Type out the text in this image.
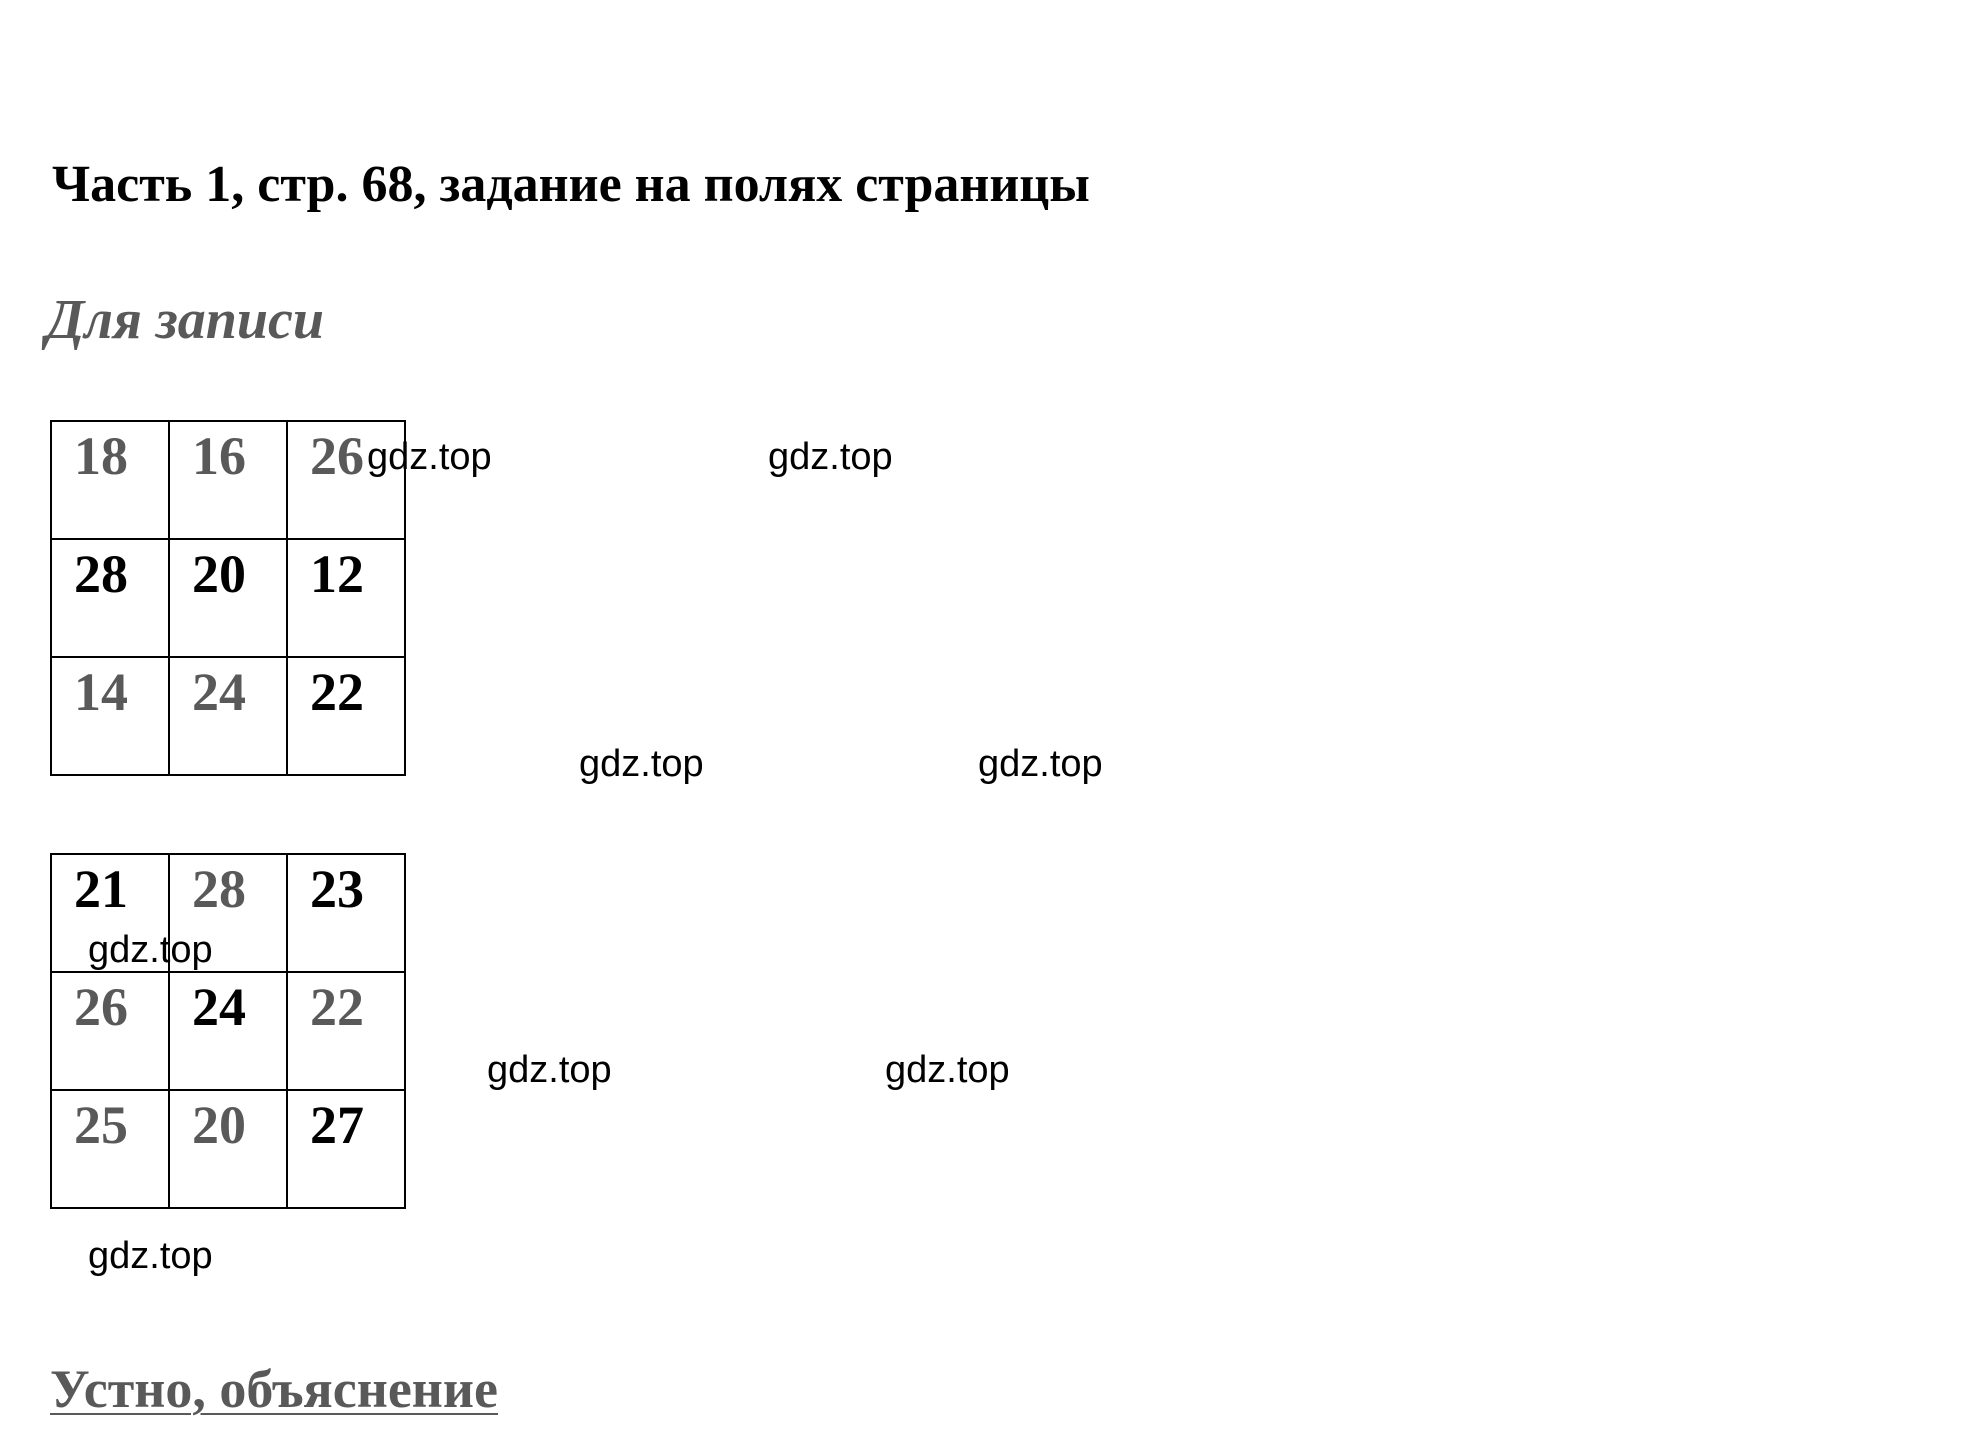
Часть 1, стр. 68, задание на полях страницы
Для записи
18	16	26

28	20	12

14	24	22
21	28	23

26	24	22

25	20	27
gdz.top	gdz.top
gdz.top	gdz.top
gdz.top
gdz.top	gdz.top
gdz.top
Устно, объяснение
